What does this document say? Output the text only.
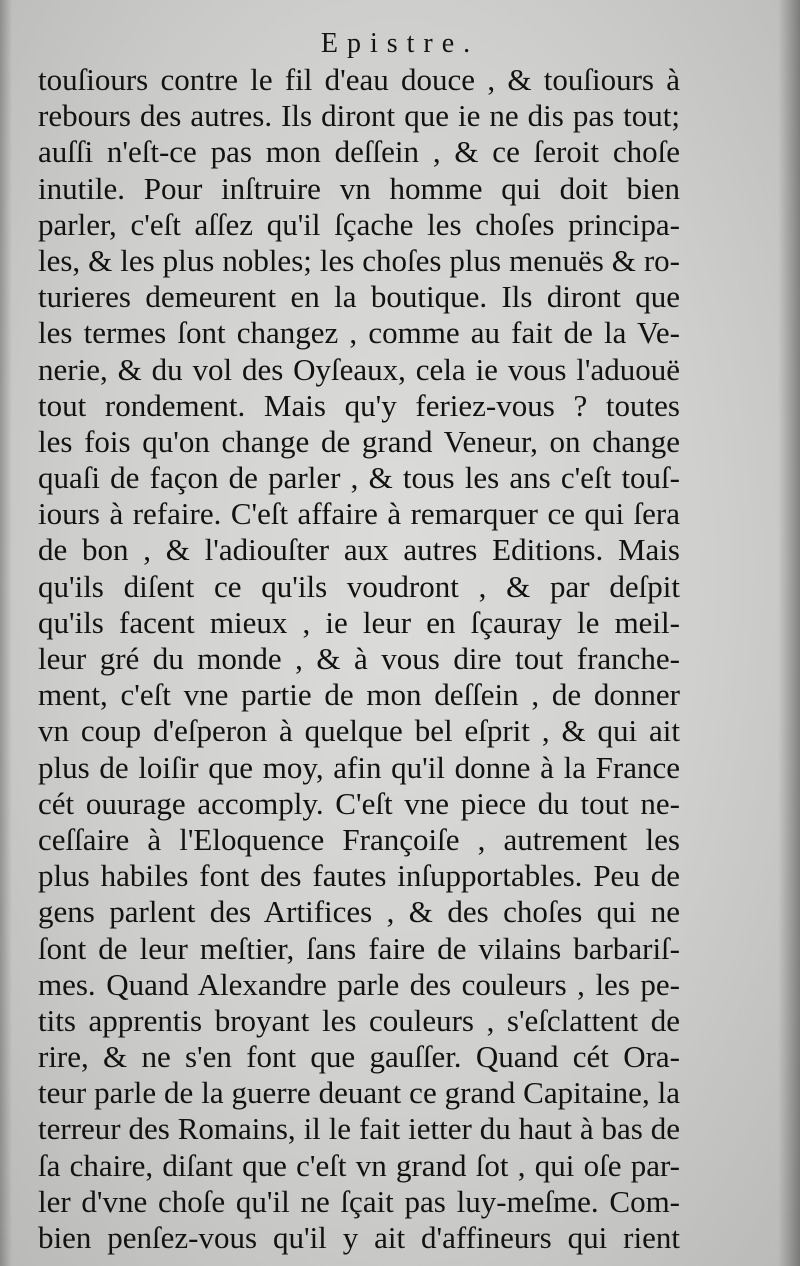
Epistre.
touſiours contre le fil d'eau douce , & touſiours à
rebours des autres. Ils diront que ie ne dis pas tout;
auſſi n'eſt-ce pas mon deſſein , & ce ſeroit choſe
inutile. Pour inſtruire vn homme qui doit bien
parler, c'eſt aſſez qu'il ſçache les choſes principa-
les, & les plus nobles; les choſes plus menuës & ro-
turieres demeurent en la boutique. Ils diront que
les termes ſont changez , comme au fait de la Ve-
nerie, & du vol des Oyſeaux, cela ie vous l'aduouë
tout rondement. Mais qu'y feriez-vous ? toutes
les fois qu'on change de grand Veneur, on change
quaſi de façon de parler , & tous les ans c'eſt touſ-
iours à refaire. C'eſt affaire à remarquer ce qui ſera
de bon , & l'adiouſter aux autres Editions. Mais
qu'ils diſent ce qu'ils voudront , & par deſpit
qu'ils facent mieux , ie leur en ſçauray le meil-
leur gré du monde , & à vous dire tout franche-
ment, c'eſt vne partie de mon deſſein , de donner
vn coup d'eſperon à quelque bel eſprit , & qui ait
plus de loiſir que moy, afin qu'il donne à la France
cét ouurage accomply. C'eſt vne piece du tout ne-
ceſſaire à l'Eloquence Françoiſe , autrement les
plus habiles font des fautes inſupportables. Peu de
gens parlent des Artifices , & des choſes qui ne
ſont de leur meſtier, ſans faire de vilains barbariſ-
mes. Quand Alexandre parle des couleurs , les pe-
tits apprentis broyant les couleurs , s'eſclattent de
rire, & ne s'en font que gauſſer. Quand cét Ora-
teur parle de la guerre deuant ce grand Capitaine, la
terreur des Romains, il le fait ietter du haut à bas de
ſa chaire, diſant que c'eſt vn grand ſot , qui oſe par-
ler d'vne choſe qu'il ne ſçait pas luy-meſme. Com-
bien penſez-vous qu'il y ait d'affineurs qui rient
